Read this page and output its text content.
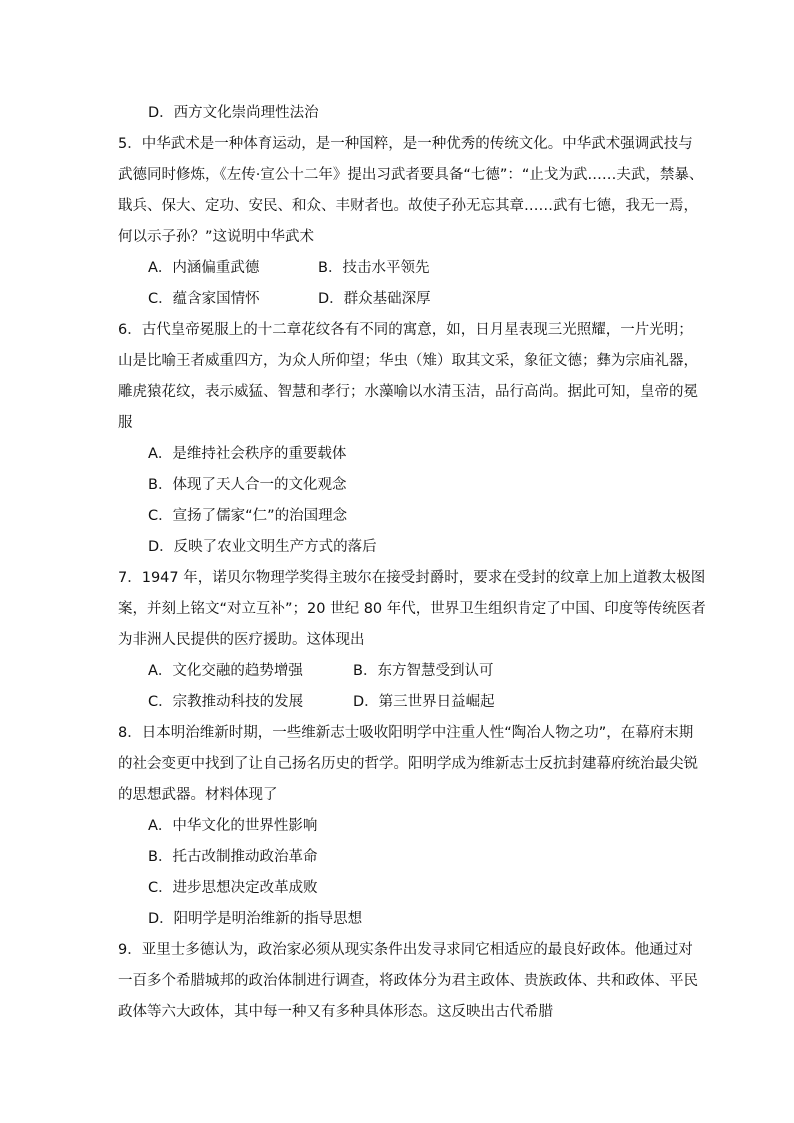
D．西方文化崇尚理性法治
5．中华武术是一种体育运动，是一种国粹，是一种优秀的传统文化。中华武术强调武技与
武德同时修炼，《左传·宣公十二年》提出习武者要具备“七德”：“止戈为武……夫武，禁暴、
戢兵、保大、定功、安民、和众、丰财者也。故使子孙无忘其章……武有七德，我无一焉，
何以示子孙？”这说明中华武术
A．内涵偏重武德	B．技击水平领先
C．蕴含家国情怀	D．群众基础深厚
6．古代皇帝冕服上的十二章花纹各有不同的寓意，如，日月星表现三光照耀，一片光明；
山是比喻王者威重四方，为众人所仰望；华虫（雉）取其文采，象征文德；彝为宗庙礼器，
雕虎猿花纹，表示威猛、智慧和孝行；水藻喻以水清玉洁，品行高尚。据此可知，皇帝的冕
服
A．是维持社会秩序的重要载体
B．体现了天人合一的文化观念
C．宣扬了儒家“仁”的治国理念
D．反映了农业文明生产方式的落后
7．1947 年，诺贝尔物理学奖得主玻尔在接受封爵时，要求在受封的纹章上加上道教太极图
案，并刻上铭文“对立互补”；20 世纪 80 年代，世界卫生组织肯定了中国、印度等传统医者
为非洲人民提供的医疗援助。这体现出
A．文化交融的趋势增强	B．东方智慧受到认可
C．宗教推动科技的发展	D．第三世界日益崛起
8．日本明治维新时期，一些维新志士吸收阳明学中注重人性“陶冶人物之功”，在幕府末期
的社会变更中找到了让自己扬名历史的哲学。阳明学成为维新志士反抗封建幕府统治最尖锐
的思想武器。材料体现了
A．中华文化的世界性影响
B．托古改制推动政治革命
C．进步思想决定改革成败
D．阳明学是明治维新的指导思想
9．亚里士多德认为，政治家必须从现实条件出发寻求同它相适应的最良好政体。他通过对
一百多个希腊城邦的政治体制进行调查，将政体分为君主政体、贵族政体、共和政体、平民
政体等六大政体，其中每一种又有多种具体形态。这反映出古代希腊
